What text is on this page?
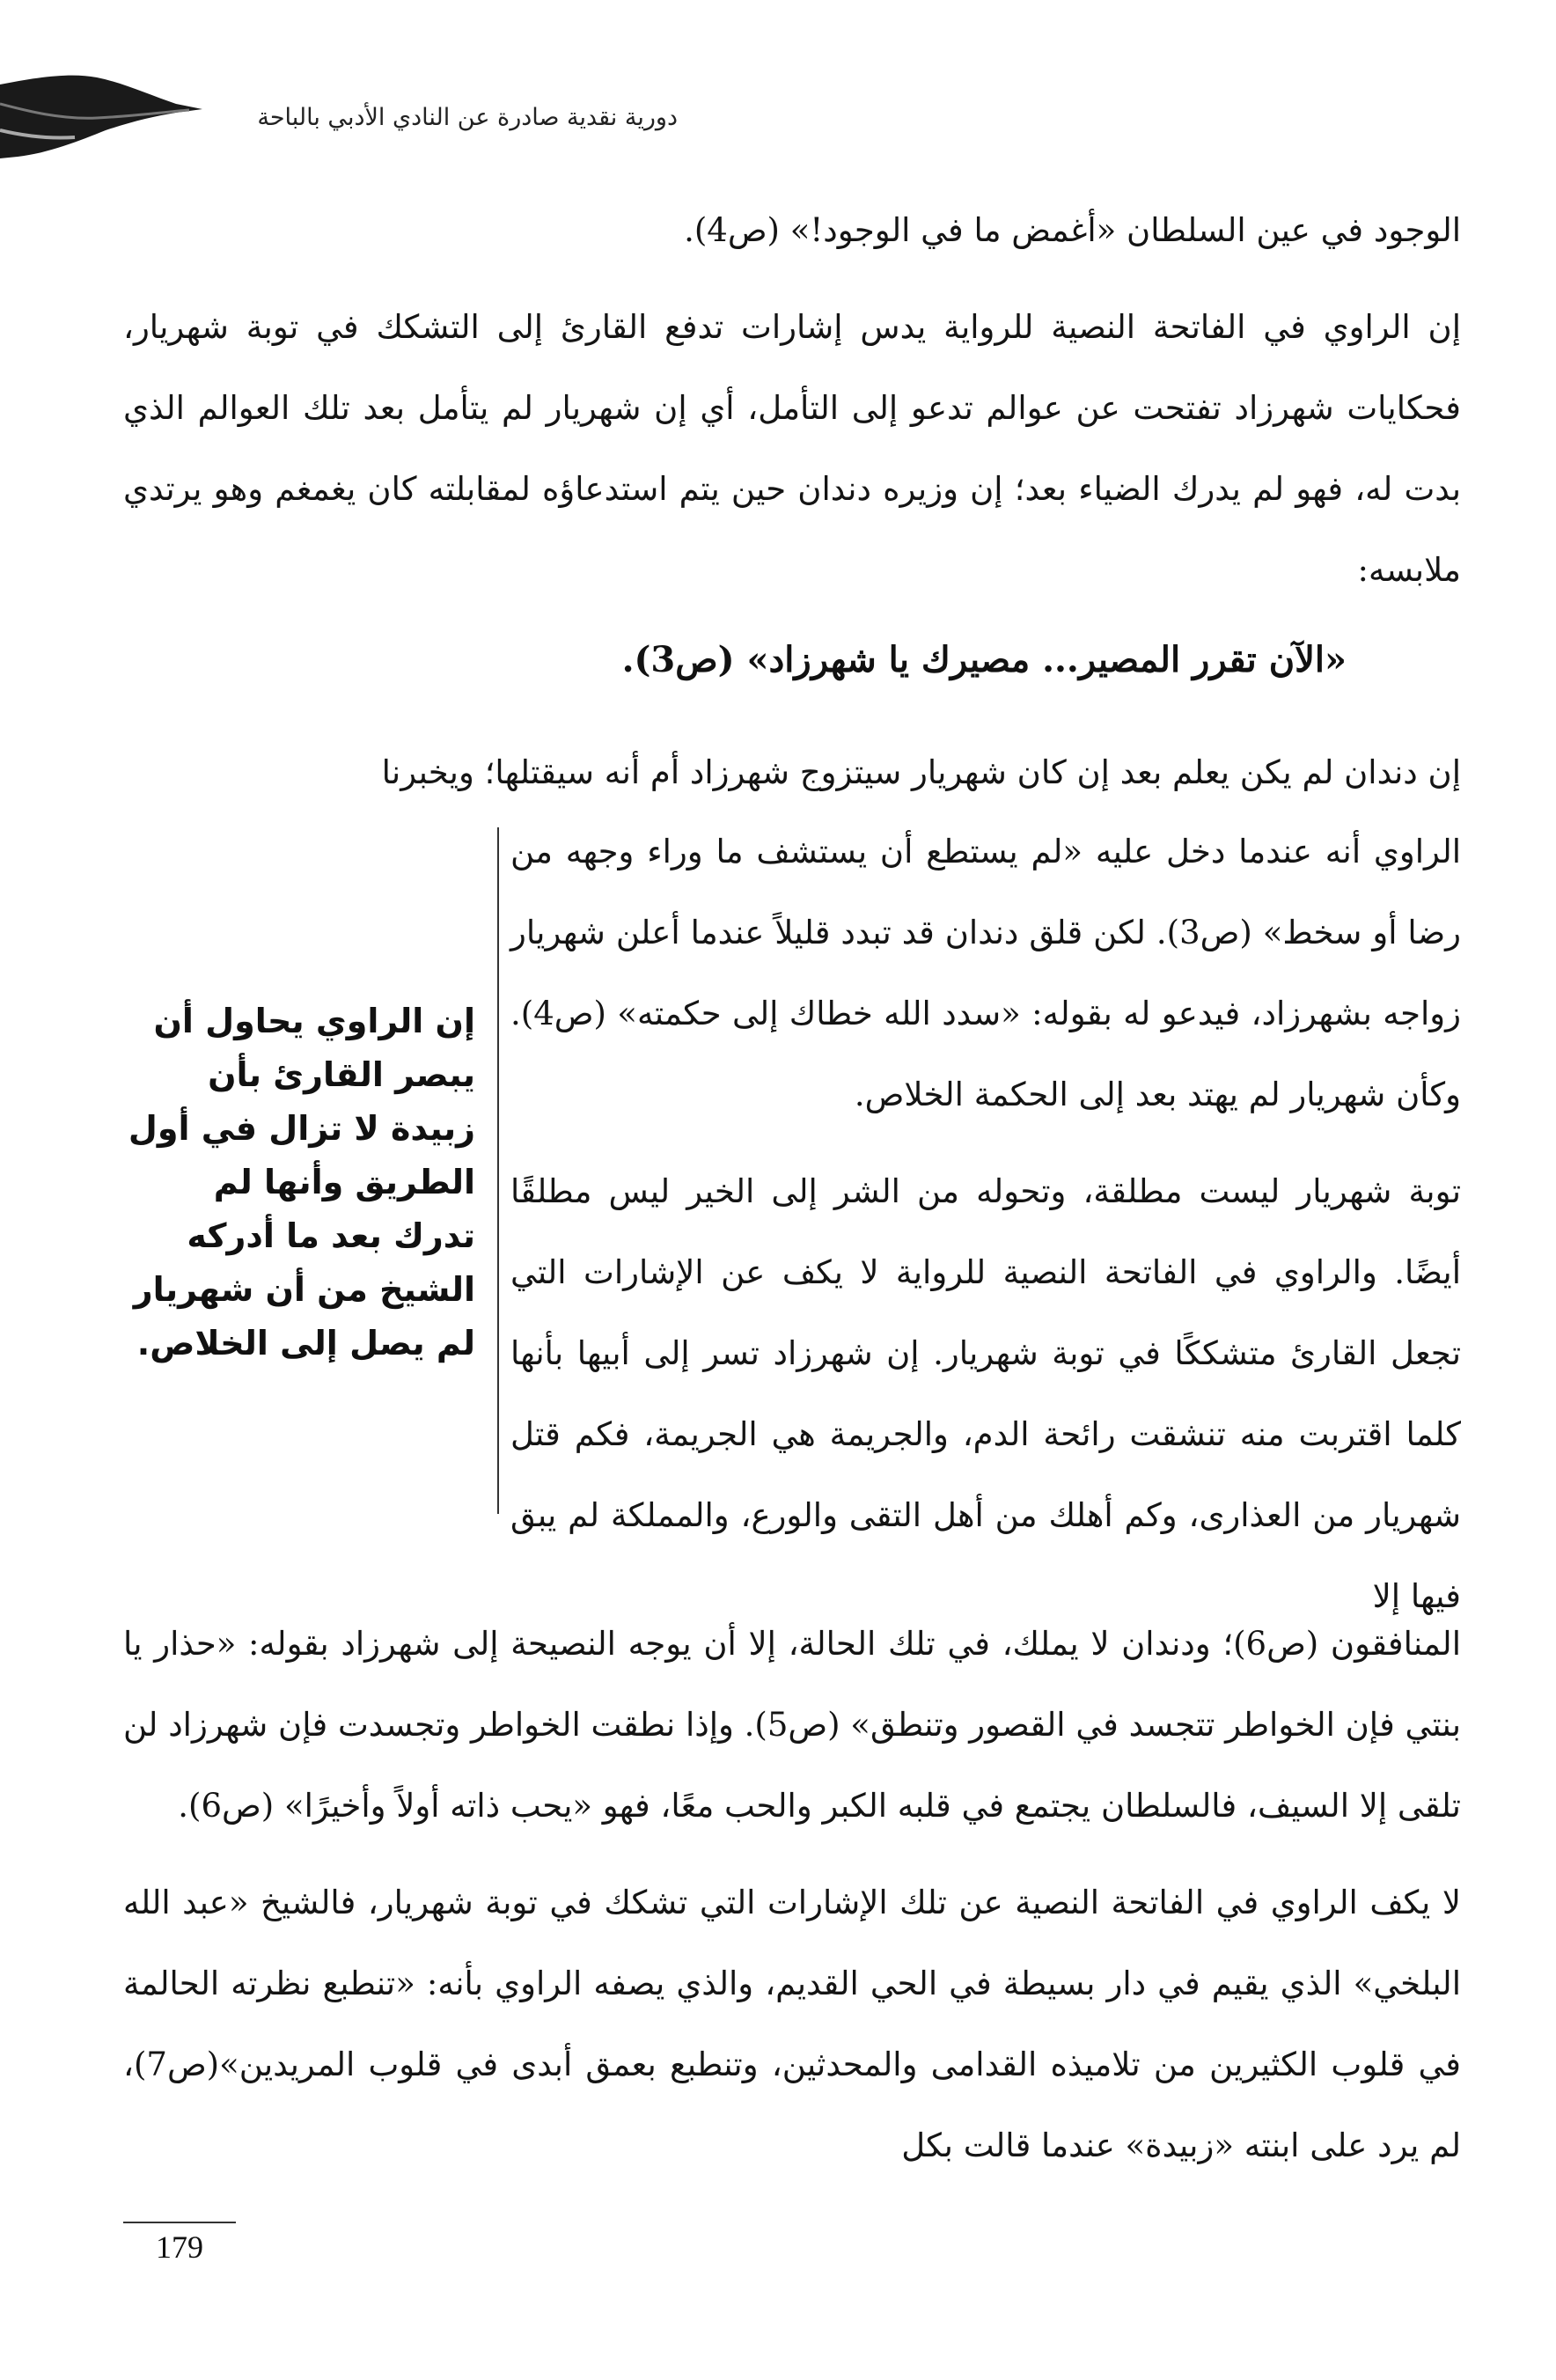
دورية نقدية صادرة عن النادي الأدبي بالباحة

الوجود في عين السلطان «أغمض ما في الوجود!» (ص4).

إن الراوي في الفاتحة النصية للرواية يدس إشارات تدفع القارئ إلى التشكك في توبة شهريار، فحكايات شهرزاد تفتحت عن عوالم تدعو إلى التأمل، أي إن شهريار لم يتأمل بعد تلك العوالم الذي بدت له، فهو لم يدرك الضياء بعد؛ إن وزيره دندان حين يتم استدعاؤه لمقابلته كان يغمغم وهو يرتدي ملابسه:

«الآن تقرر المصير... مصيرك يا شهرزاد» (ص3).

إن دندان لم يكن يعلم بعد إن كان شهريار سيتزوج شهرزاد أم أنه سيقتلها؛ ويخبرنا

الراوي أنه عندما دخل عليه «لم يستطع أن يستشف ما وراء وجهه من رضا أو سخط» (ص3). لكن قلق دندان قد تبدد قليلاً عندما أعلن شهريار زواجه بشهرزاد، فيدعو له بقوله: «سدد الله خطاك إلى حكمته» (ص4). وكأن شهريار لم يهتد بعد إلى الحكمة الخلاص.

توبة شهريار ليست مطلقة، وتحوله من الشر إلى الخير ليس مطلقًا أيضًا. والراوي في الفاتحة النصية للرواية لا يكف عن الإشارات التي تجعل القارئ متشككًا في توبة شهريار. إن شهرزاد تسر إلى أبيها بأنها كلما اقتربت منه تنشقت رائحة الدم، والجريمة هي الجريمة، فكم قتل شهريار من العذارى، وكم أهلك من أهل التقى والورع، والمملكة لم يبق فيها إلا

إن الراوي يحاول أن يبصر القارئ بأن زبيدة لا تزال في أول الطريق وأنها لم تدرك بعد ما أدركه الشيخ من أن شهريار لم يصل إلى الخلاص.

المنافقون (ص6)؛ ودندان لا يملك، في تلك الحالة، إلا أن يوجه النصيحة إلى شهرزاد بقوله: «حذار يا بنتي فإن الخواطر تتجسد في القصور وتنطق» (ص5). وإذا نطقت الخواطر وتجسدت فإن شهرزاد لن تلقى إلا السيف، فالسلطان يجتمع في قلبه الكبر والحب معًا، فهو «يحب ذاته أولاً وأخيرًا» (ص6).

لا يكف الراوي في الفاتحة النصية عن تلك الإشارات التي تشكك في توبة شهريار، فالشيخ «عبد الله البلخي» الذي يقيم في دار بسيطة في الحي القديم، والذي يصفه الراوي بأنه: «تنطبع نظرته الحالمة في قلوب الكثيرين من تلاميذه القدامى والمحدثين، وتنطبع بعمق أبدى في قلوب المريدين»(ص7)، لم يرد على ابنته «زبيدة» عندما قالت بكل

179
